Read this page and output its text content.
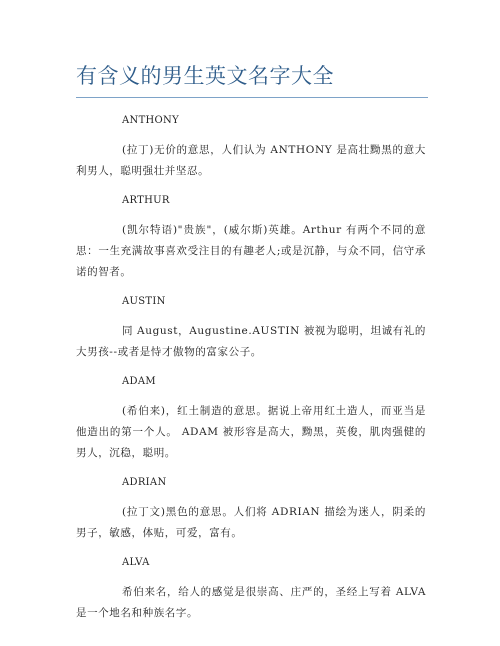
有含义的男生英文名字大全

ANTHONY

(拉丁)无价的意思，人们认为 ANTHONY 是高壮黝黑的意大利男人，聪明强壮并坚忍。

ARTHUR

(凯尔特语)"贵族"，(威尔斯)英雄。Arthur 有两个不同的意思：一生充满故事喜欢受注目的有趣老人;或是沉静，与众不同，信守承诺的智者。

AUSTIN

同 August，Augustine.AUSTIN 被视为聪明，坦诚有礼的大男孩--或者是恃才傲物的富家公子。

ADAM

(希伯来)，红土制造的意思。据说上帝用红土造人，而亚当是他造出的第一个人。 ADAM 被形容是高大，黝黑，英俊，肌肉强健的男人，沉稳，聪明。

ADRIAN

(拉丁文)黑色的意思。人们将 ADRIAN 描绘为迷人，阴柔的男子，敏感，体贴，可爱，富有。

ALVA

希伯来名，给人的感觉是很崇高、庄严的，圣经上写着 ALVA 是一个地名和种族名字。
